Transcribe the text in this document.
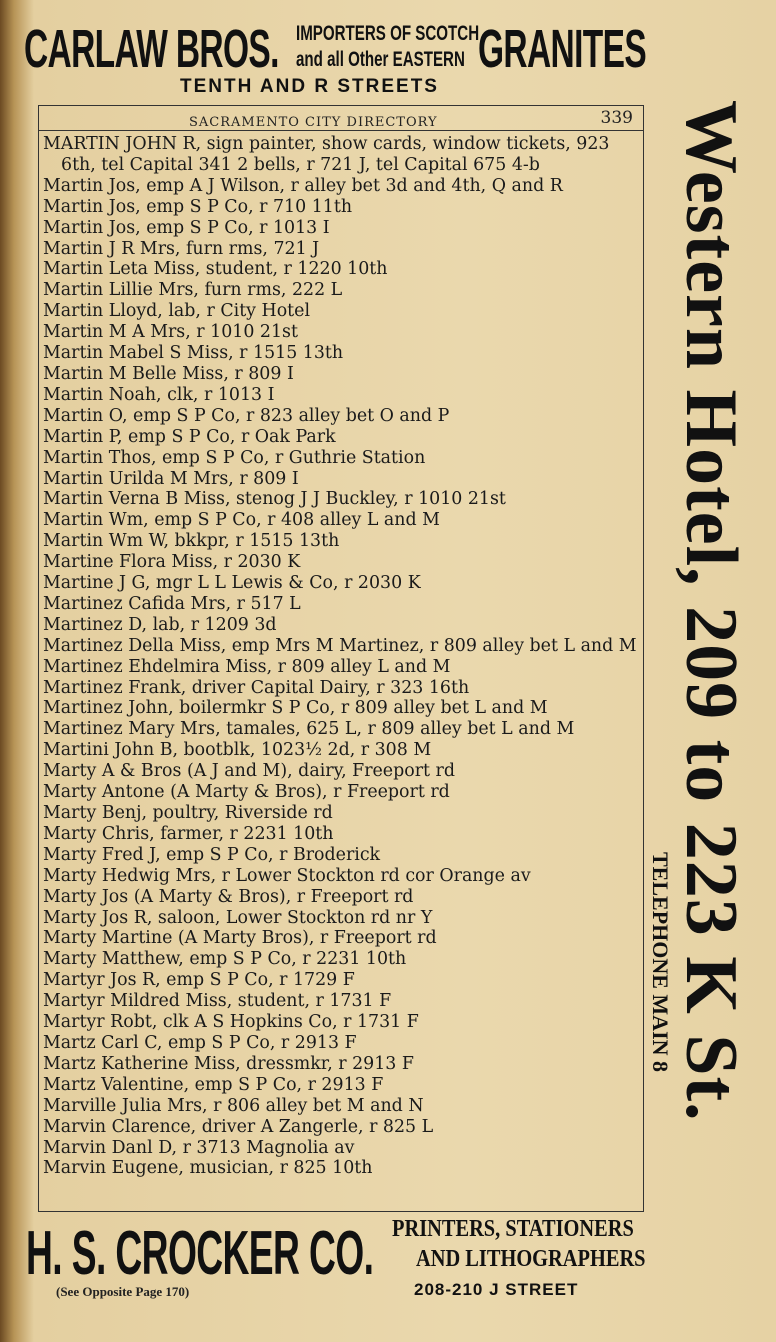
CARLAW BROS. IMPORTERS OF SCOTCH
and all Other EASTERN GRANITES
TENTH AND R STREETS
SACRAMENTO CITY DIRECTORY	339

MARTIN JOHN R, sign painter, show cards, window tickets, 923 6th, tel Capital 341 2 bells, r 721 J, tel Capital 675 4-b

Martin Jos, emp A J Wilson, r alley bet 3d and 4th, Q and R

Martin Jos, emp S P Co, r 710 11th

Martin Jos, emp S P Co, r 1013 I

Martin J R Mrs, furn rms, 721 J

Martin Leta Miss, student, r 1220 10th

Martin Lillie Mrs, furn rms, 222 L

Martin Lloyd, lab, r City Hotel

Martin M A Mrs, r 1010 21st

Martin Mabel S Miss, r 1515 13th

Martin M Belle Miss, r 809 I

Martin Noah, clk, r 1013 I

Martin O, emp S P Co, r 823 alley bet O and P

Martin P, emp S P Co, r Oak Park

Martin Thos, emp S P Co, r Guthrie Station

Martin Urilda M Mrs, r 809 I

Martin Verna B Miss, stenog J J Buckley, r 1010 21st

Martin Wm, emp S P Co, r 408 alley L and M

Martin Wm W, bkkpr, r 1515 13th

Martine Flora Miss, r 2030 K

Martine J G, mgr L L Lewis & Co, r 2030 K

Martinez Cafida Mrs, r 517 L

Martinez D, lab, r 1209 3d

Martinez Della Miss, emp Mrs M Martinez, r 809 alley bet L and M

Martinez Ehdelmira Miss, r 809 alley L and M

Martinez Frank, driver Capital Dairy, r 323 16th

Martinez John, boilermkr S P Co, r 809 alley bet L and M

Martinez Mary Mrs, tamales, 625 L, r 809 alley bet L and M

Martini John B, bootblk, 1023½ 2d, r 308 M

Marty A & Bros (A J and M), dairy, Freeport rd

Marty Antone (A Marty & Bros), r Freeport rd

Marty Benj, poultry, Riverside rd

Marty Chris, farmer, r 2231 10th

Marty Fred J, emp S P Co, r Broderick

Marty Hedwig Mrs, r Lower Stockton rd cor Orange av

Marty Jos (A Marty & Bros), r Freeport rd

Marty Jos R, saloon, Lower Stockton rd nr Y

Marty Martine (A Marty Bros), r Freeport rd

Marty Matthew, emp S P Co, r 2231 10th

Martyr Jos R, emp S P Co, r 1729 F

Martyr Mildred Miss, student, r 1731 F

Martyr Robt, clk A S Hopkins Co, r 1731 F

Martz Carl C, emp S P Co, r 2913 F

Martz Katherine Miss, dressmkr, r 2913 F

Martz Valentine, emp S P Co, r 2913 F

Marville Julia Mrs, r 806 alley bet M and N

Marvin Clarence, driver A Zangerle, r 825 L

Marvin Danl D, r 3713 Magnolia av

Marvin Eugene, musician, r 825 10th

Western Hotel, 209 to 223 K St.
TELEPHONE MAIN 8
H. S. CROCKER CO. PRINTERS, STATIONERS
AND LITHOGRAPHERS
(See Opposite Page 170)	208-210 J STREET
